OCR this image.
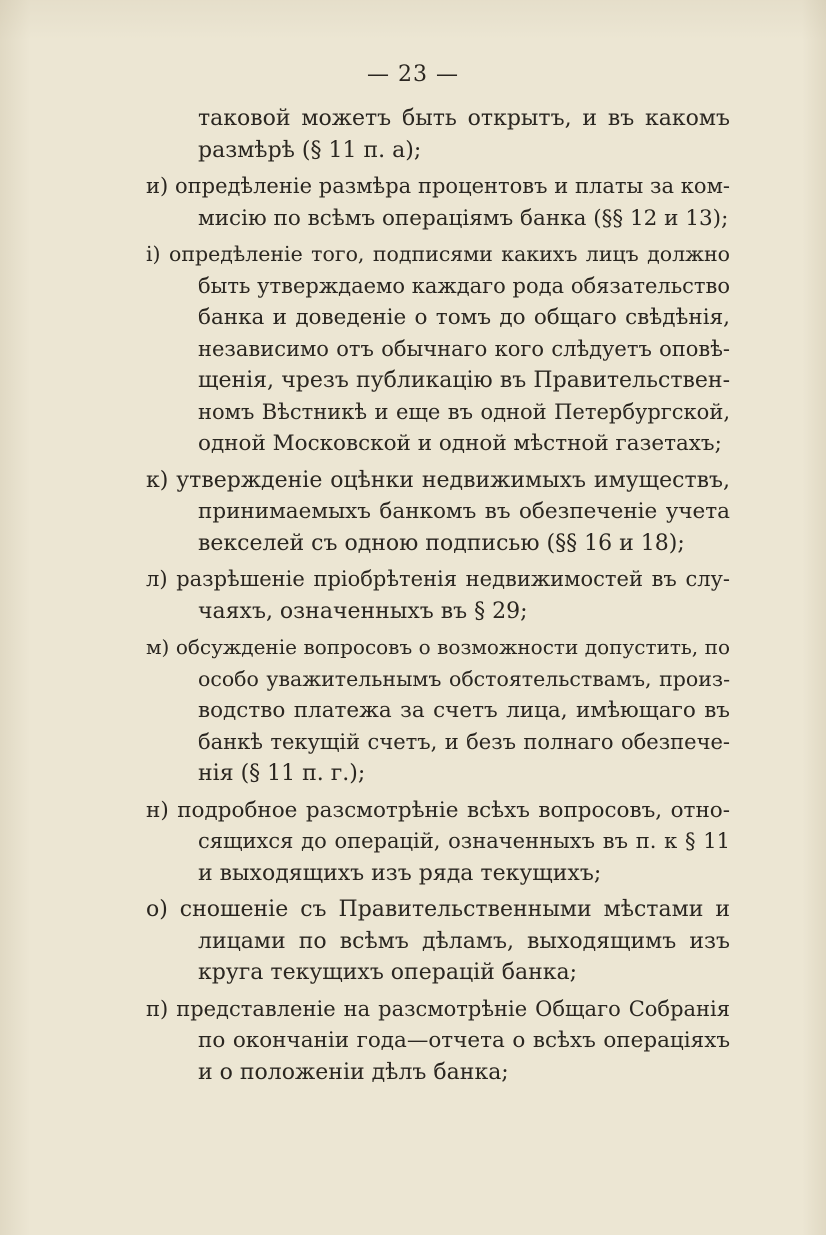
— 23 —
таковой можетъ быть открытъ, и въ какомъ
размѣрѣ (§ 11 п. а);
и) опредѣленіе размѣра процентовъ и платы за ком-
мисію по всѣмъ операціямъ банка (§§ 12 и 13);
і) опредѣленіе того, подписями какихъ лицъ должно
быть утверждаемо каждаго рода обязательство
банка и доведеніе о томъ до общаго свѣдѣнія,
независимо отъ обычнаго кого слѣдуетъ оповѣ-
щенія, чрезъ публикацію въ Правительствен-
номъ Вѣстникѣ и еще въ одной Петербургской,
одной Московской и одной мѣстной газетахъ;
к) утвержденіе оцѣнки недвижимыхъ имуществъ,
принимаемыхъ банкомъ въ обезпеченіе учета
векселей съ одною подписью (§§ 16 и 18);
л) разрѣшеніе пріобрѣтенія недвижимостей въ слу-
чаяхъ, означенныхъ въ § 29;
м) обсужденіе вопросовъ о возможности допустить, по
особо уважительнымъ обстоятельствамъ, произ-
водство платежа за счетъ лица, имѣющаго въ
банкѣ текущій счетъ, и безъ полнаго обезпече-
нія (§ 11 п. г.);
н) подробное разсмотрѣніе всѣхъ вопросовъ, отно-
сящихся до операцій, означенныхъ въ п. к § 11
и выходящихъ изъ ряда текущихъ;
о) сношеніе съ Правительственными мѣстами и
лицами по всѣмъ дѣламъ, выходящимъ изъ
круга текущихъ операцій банка;
п) представленіе на разсмотрѣніе Общаго Собранія
по окончаніи года—отчета о всѣхъ операціяхъ
и о положеніи дѣлъ банка;
